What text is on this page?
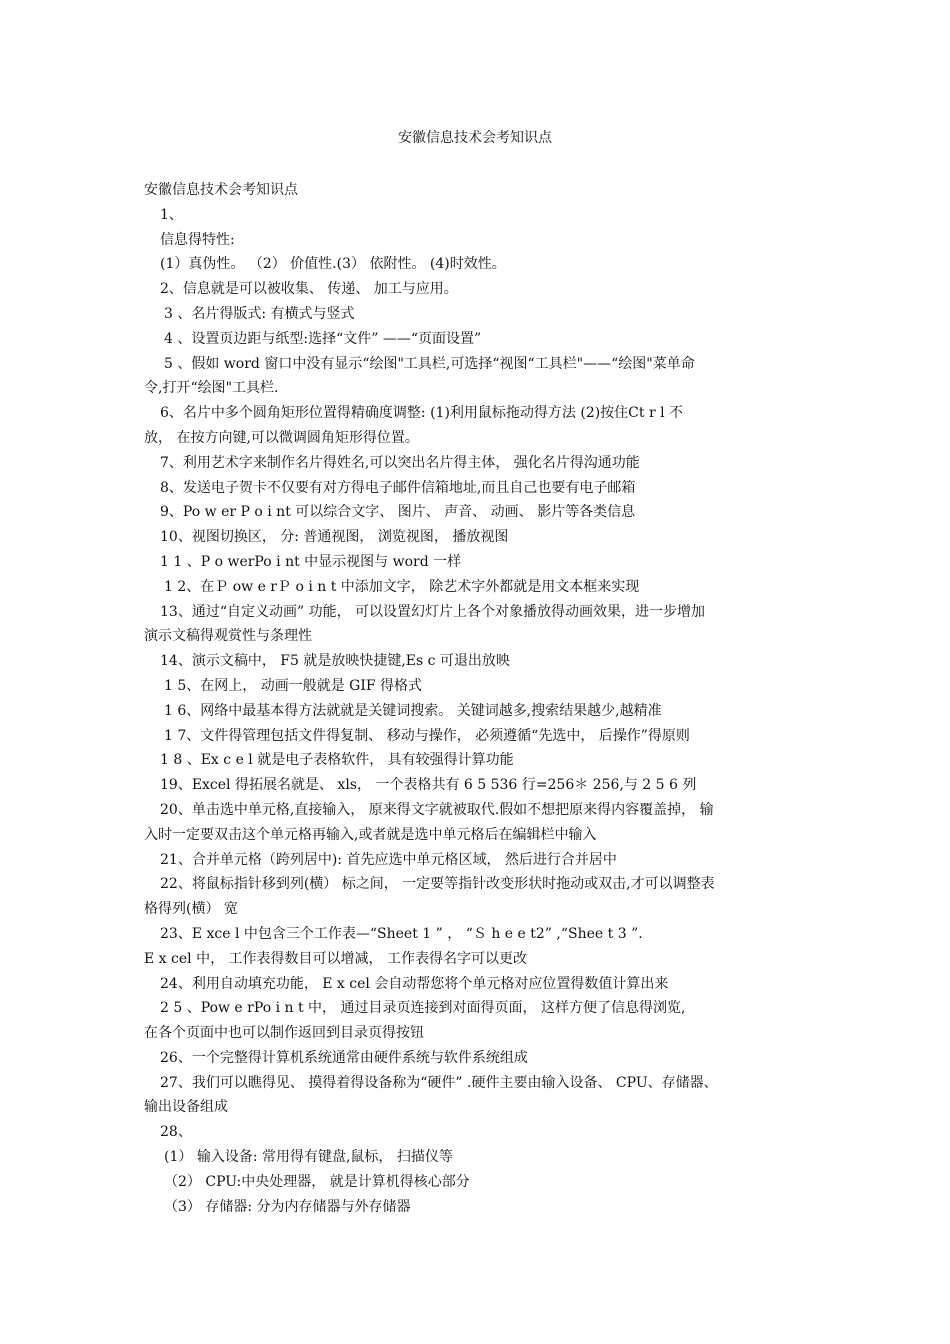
安徽信息技术会考知识点
安徽信息技术会考知识点
1、
信息得特性:
(1）真伪性。 （2） 价值性.(3） 依附性。 (4)时效性。
2、信息就是可以被收集、 传递、 加工与应用。
3 、名片得版式: 有横式与竖式
4 、设置页边距与纸型:选择“文件” ——“页面设置”
5 、假如 word 窗口中没有显示“绘图"工具栏,可选择“视图“工具栏"——“绘图"菜单命
令,打开“绘图"工具栏.
6、名片中多个圆角矩形位置得精确度调整: (1)利用鼠标拖动得方法 (2)按住Ct r l 不
放， 在按方向键,可以微调圆角矩形得位置。
7、利用艺术字来制作名片得姓名,可以突出名片得主体， 强化名片得沟通功能
8、发送电子贺卡不仅要有对方得电子邮件信箱地址,而且自己也要有电子邮箱
9、Po w er P o i nt 可以综合文字、 图片、 声音、 动画、 影片等各类信息
10、视图切换区， 分: 普通视图， 浏览视图， 播放视图
1 1 、P o werPo i nt 中显示视图与 word 一样
1 2、在Ｐ ow e rＰ o i n t 中添加文字， 除艺术字外都就是用文本框来实现
13、通过“自定义动画” 功能， 可以设置幻灯片上各个对象播放得动画效果，进一步增加
演示文稿得观赏性与条理性
14、演示文稿中， F5 就是放映快捷键,Es c 可退出放映
1 5、在网上， 动画一般就是 GIF 得格式
1 6、网络中最基本得方法就就是关键词搜索。 关键词越多,搜索结果越少,越精准
1 7、文件得管理包括文件得复制、 移动与操作， 必须遵循“先选中， 后操作”得原则
1 8 、Ex c e l 就是电子表格软件， 具有较强得计算功能
19、Excel 得拓展名就是、 xls， 一个表格共有 6 5 536 行=256＊ 256,与 2 5 6 列
20、单击选中单元格,直接输入， 原来得文字就被取代.假如不想把原来得内容覆盖掉， 输
入时一定要双击这个单元格再输入,或者就是选中单元格后在编辑栏中输入
21、合并单元格（跨列居中): 首先应选中单元格区域， 然后进行合并居中
22、将鼠标指针移到列(横） 标之间， 一定要等指针改变形状时拖动或双击,才可以调整表
格得列(横） 宽
23、E xce l 中包含三个工作表—“Sheet 1 ” ， “Ｓ h e e t2” ,“Shee t 3 ”.
E x cel 中， 工作表得数目可以增减， 工作表得名字可以更改
24、利用自动填充功能， E x cel 会自动帮您将个单元格对应位置得数值计算出来
2 5 、Pow e rPo i n t 中， 通过目录页连接到对面得页面， 这样方便了信息得浏览,
在各个页面中也可以制作返回到目录页得按钮
26、一个完整得计算机系统通常由硬件系统与软件系统组成
27、我们可以瞧得见、 摸得着得设备称为“硬件” .硬件主要由输入设备、 CPU、存储器、
输出设备组成
28、
(1） 输入设备: 常用得有键盘,鼠标， 扫描仪等
（2） CPU:中央处理器， 就是计算机得核心部分
（3） 存储器: 分为内存储器与外存储器
